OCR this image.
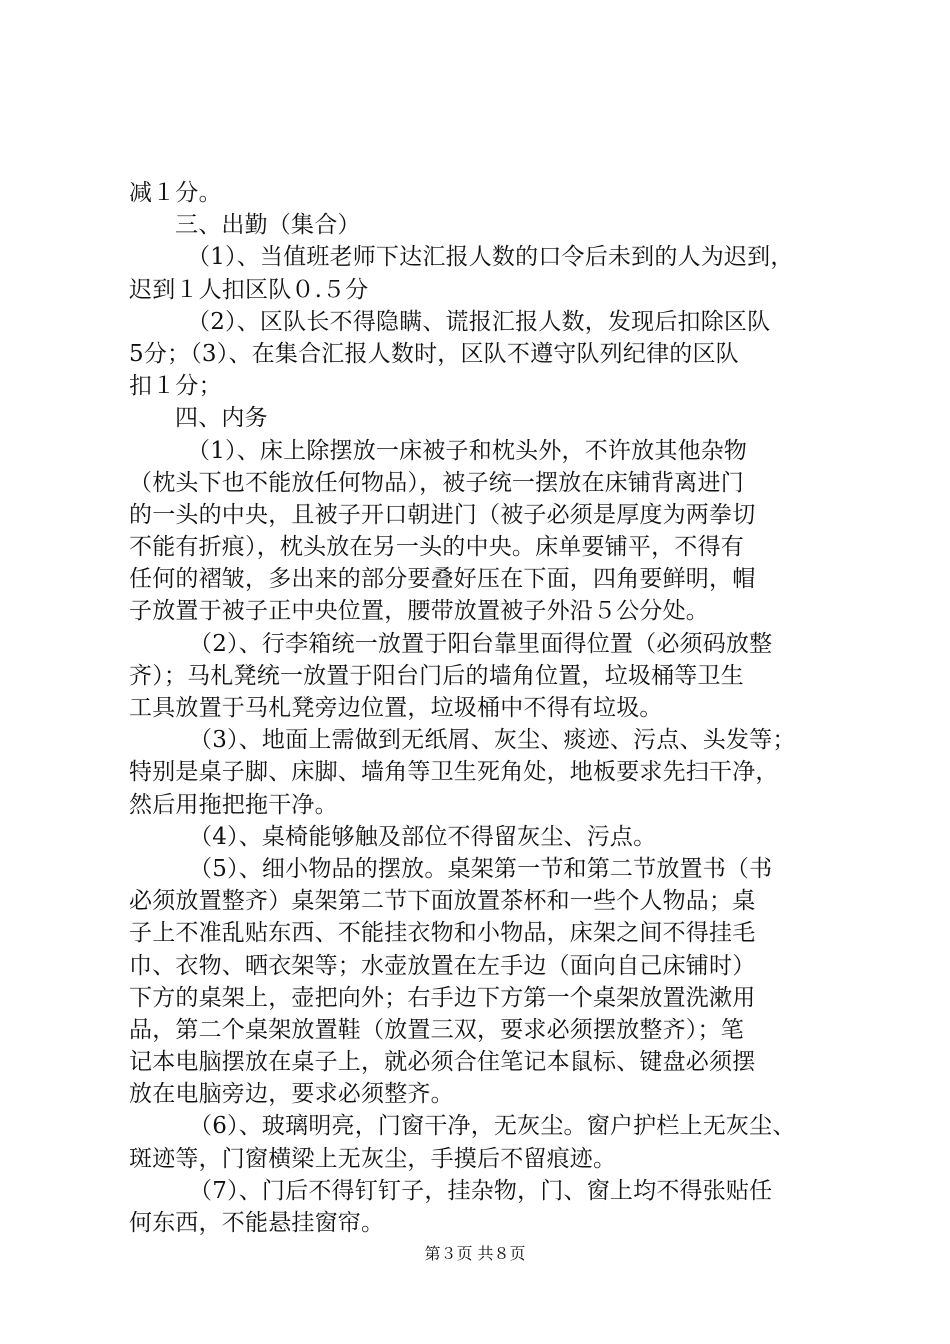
减１分。
三、出勤（集合）
（1）、当值班老师下达汇报人数的口令后未到的人为迟到，
迟到１人扣区队０.５分
（2）、区队长不得隐瞒、谎报汇报人数，发现后扣除区队
5分；（3）、在集合汇报人数时，区队不遵守队列纪律的区队
扣１分；
四、内务
（1）、床上除摆放一床被子和枕头外，不许放其他杂物
（枕头下也不能放任何物品），被子统一摆放在床铺背离进门
的一头的中央，且被子开口朝进门（被子必须是厚度为两拳切
不能有折痕），枕头放在另一头的中央。床单要铺平，不得有
任何的褶皱，多出来的部分要叠好压在下面，四角要鲜明，帽
子放置于被子正中央位置，腰带放置被子外沿５公分处。
（2）、行李箱统一放置于阳台靠里面得位置（必须码放整
齐）；马札凳统一放置于阳台门后的墙角位置，垃圾桶等卫生
工具放置于马札凳旁边位置，垃圾桶中不得有垃圾。
（3）、地面上需做到无纸屑、灰尘、痰迹、污点、头发等；
特别是桌子脚、床脚、墙角等卫生死角处，地板要求先扫干净，
然后用拖把拖干净。
（4）、桌椅能够触及部位不得留灰尘、污点。
（5）、细小物品的摆放。桌架第一节和第二节放置书（书
必须放置整齐）桌架第二节下面放置茶杯和一些个人物品；桌
子上不准乱贴东西、不能挂衣物和小物品，床架之间不得挂毛
巾、衣物、晒衣架等；水壶放置在左手边（面向自己床铺时）
下方的桌架上，壶把向外；右手边下方第一个桌架放置洗漱用
品，第二个桌架放置鞋（放置三双，要求必须摆放整齐）；笔
记本电脑摆放在桌子上，就必须合住笔记本鼠标、键盘必须摆
放在电脑旁边，要求必须整齐。
（6）、玻璃明亮，门窗干净，无灰尘。窗户护栏上无灰尘、
斑迹等，门窗横梁上无灰尘，手摸后不留痕迹。
（7）、门后不得钉钉子，挂杂物，门、窗上均不得张贴任
何东西，不能悬挂窗帘。
第３页 共８页
